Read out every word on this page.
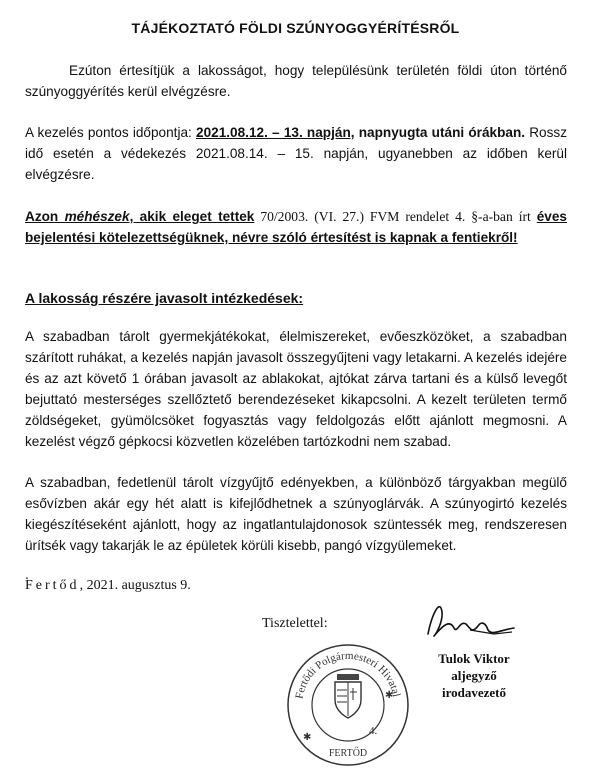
TÁJÉKOZTATÓ FÖLDI SZÚNYOGGYÉRÍTÉSRŐL
Ezúton értesítjük a lakosságot, hogy településünk területén földi úton történő szúnyoggyérítés kerül elvégzésre.
A kezelés pontos időpontja: 2021.08.12. – 13. napján, napnyugta utáni órákban. Rossz idő esetén a védekezés 2021.08.14. – 15. napján, ugyanebben az időben kerül elvégzésre.
Azon méhészek, akik eleget tettek 70/2003. (VI. 27.) FVM rendelet 4. §-a-ban írt éves bejelentési kötelezettségüknek, névre szóló értesítést is kapnak a fentiekről!
A lakosság részére javasolt intézkedések:
A szabadban tárolt gyermekjátékokat, élelmiszereket, evőeszközöket, a szabadban szárított ruhákat, a kezelés napján javasolt összegyűjteni vagy letakarni. A kezelés idejére és az azt követő 1 órában javasolt az ablakokat, ajtókat zárva tartani és a külső levegőt bejuttató mesterséges szellőztető berendezéseket kikapcsolni. A kezelt területen termő zöldségeket, gyümölcsöket fogyasztás vagy feldolgozás előtt ajánlott megmosni. A kezelést végző gépkocsi közvetlen közelében tartózkodni nem szabad.
A szabadban, fedetlenül tárolt vízgyűjtő edényekben, a különböző tárgyakban megülő esővízben akár egy hét alatt is kifejlődhetnek a szúnyoglárvák. A szúnyogirtó kezelés kiegészítéseként ajánlott, hogy az ingatlantulajdonosok szüntessék meg, rendszeresen ürítsék vagy takarják le az épületek körüli kisebb, pangó vízgyülemeket.
.
Fertőd, 2021. augusztus 9.
Tisztelettel:
Fertődi Polgármesteri Hivatal
4.
FERTŐD
✱
✱
Tulok Viktor
aljegyző
irodavezető
